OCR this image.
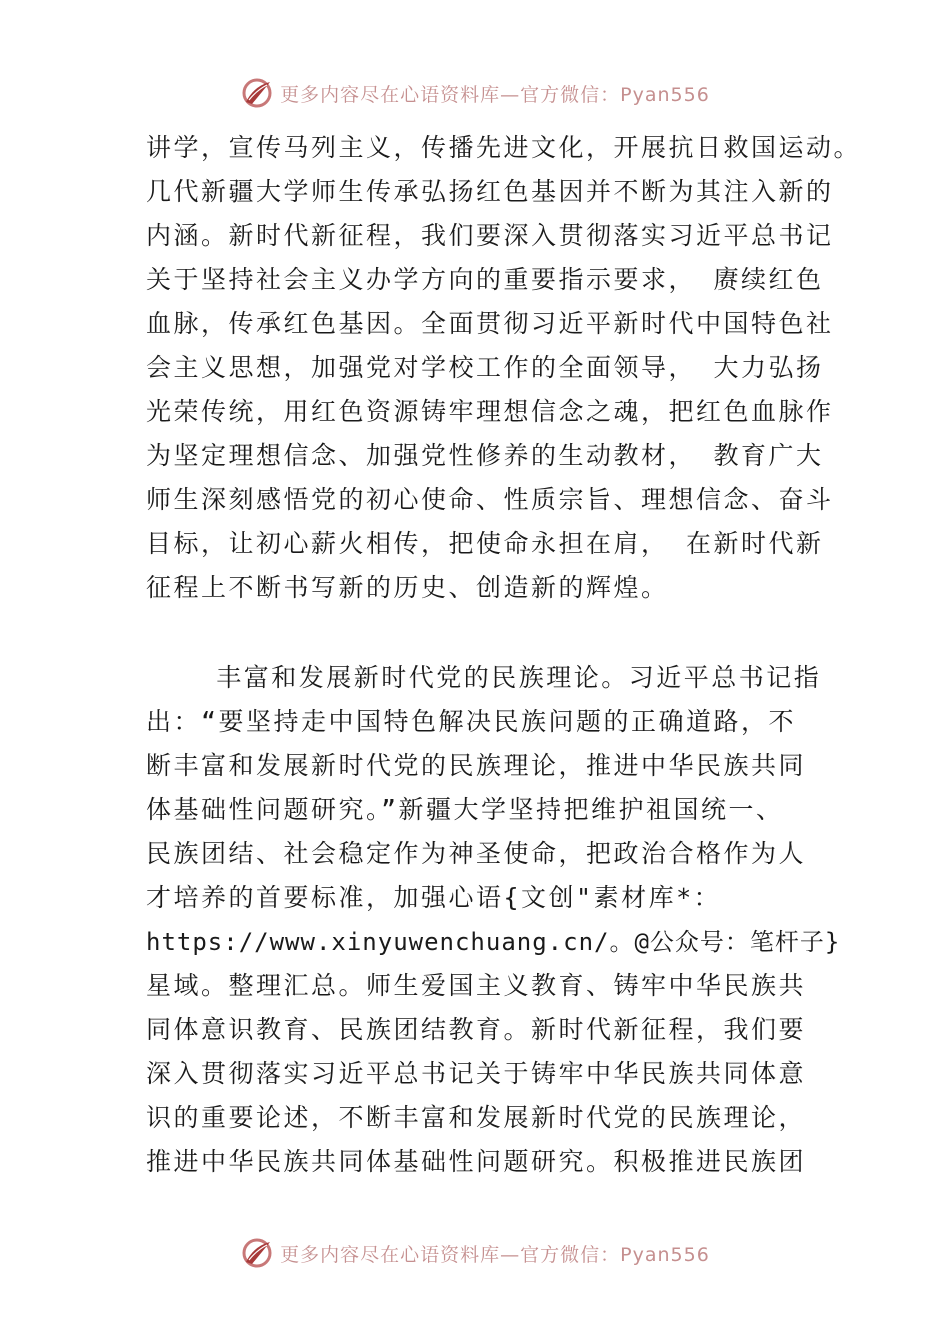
更多内容尽在心语资料库—官方微信：Pyan556
讲学，宣传马列主义，传播先进文化，开展抗日救国运动。
几代新疆大学师生传承弘扬红色基因并不断为其注入新的
内涵。新时代新征程，我们要深入贯彻落实习近平总书记
关于坚持社会主义办学方向的重要指示要求， 赓续红色
血脉，传承红色基因。全面贯彻习近平新时代中国特色社
会主义思想，加强党对学校工作的全面领导， 大力弘扬
光荣传统，用红色资源铸牢理想信念之魂，把红色血脉作
为坚定理想信念、加强党性修养的生动教材， 教育广大
师生深刻感悟党的初心使命、性质宗旨、理想信念、奋斗
目标，让初心薪火相传，把使命永担在肩， 在新时代新
征程上不断书写新的历史、创造新的辉煌。
丰富和发展新时代党的民族理论。习近平总书记指
出：“要坚持走中国特色解决民族问题的正确道路，不
断丰富和发展新时代党的民族理论，推进中华民族共同
体基础性问题研究。”新疆大学坚持把维护祖国统一、
民族团结、社会稳定作为神圣使命，把政治合格作为人
才培养的首要标准，加强心语{文创"素材库*：
https://www.xinyuwenchuang.cn/。@公众号：笔杆子}
星域。整理汇总。师生爱国主义教育、铸牢中华民族共
同体意识教育、民族团结教育。新时代新征程，我们要
深入贯彻落实习近平总书记关于铸牢中华民族共同体意
识的重要论述，不断丰富和发展新时代党的民族理论，
推进中华民族共同体基础性问题研究。积极推进民族团
更多内容尽在心语资料库—官方微信：Pyan556
